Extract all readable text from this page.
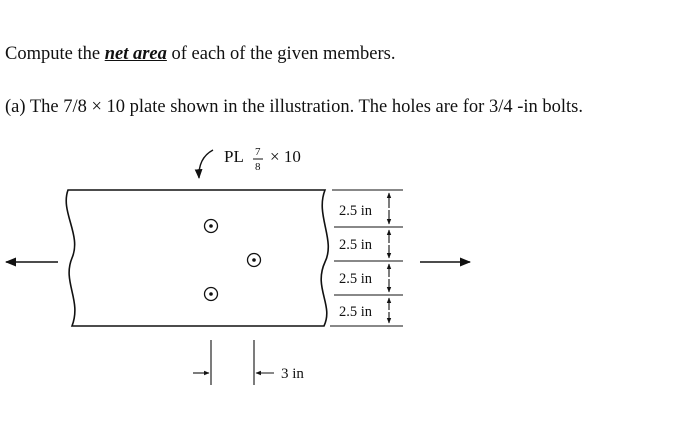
Compute the net area of each of the given members.
(a) The 7/8 × 10 plate shown in the illustration. The holes are for 3/4 -in bolts.
PL 7
8
× 10
2.5 in
2.5 in
2.5 in
2.5 in
3 in
